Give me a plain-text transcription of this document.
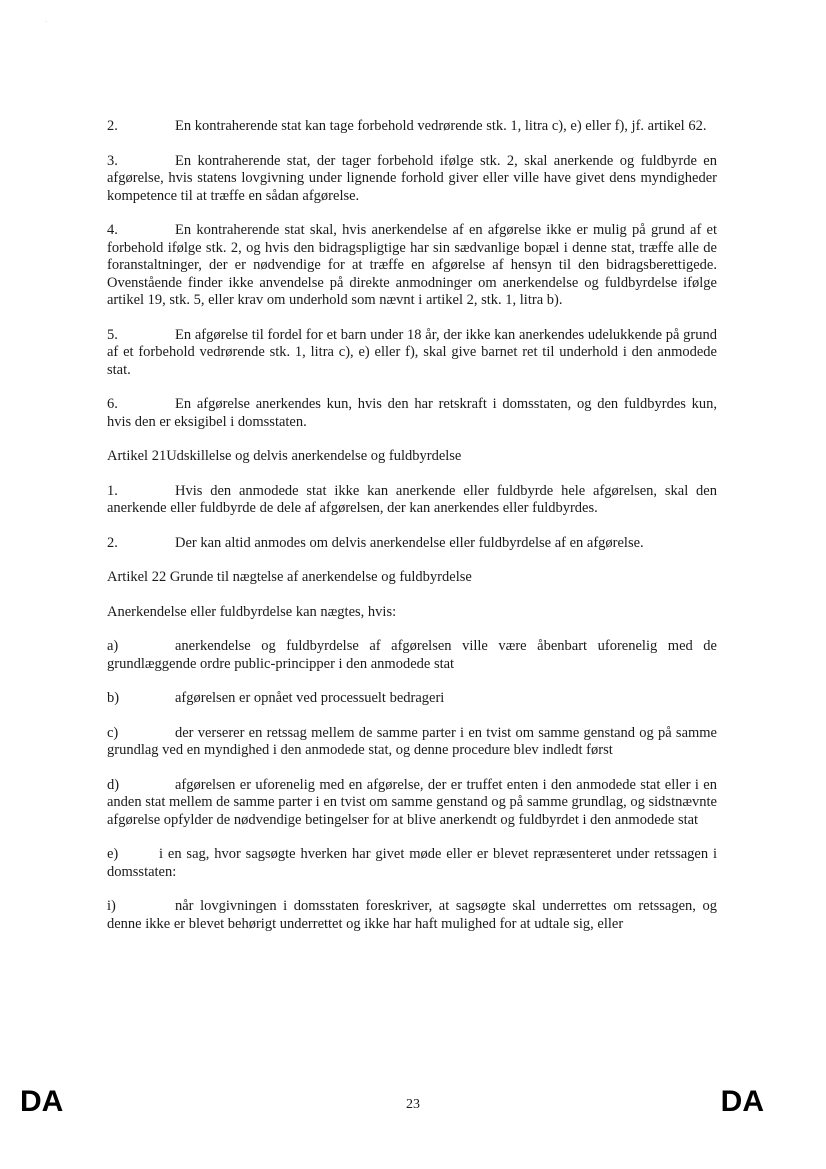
·

2.	En kontraherende stat kan tage forbehold vedrørende stk. 1, litra c), e) eller f), jf. artikel 62.

3.	En kontraherende stat, der tager forbehold ifølge stk. 2, skal anerkende og fuldbyrde en afgørelse, hvis statens lovgivning under lignende forhold giver eller ville have givet dens myndigheder kompetence til at træffe en sådan afgørelse.

4.	En kontraherende stat skal, hvis anerkendelse af en afgørelse ikke er mulig på grund af et forbehold ifølge stk. 2, og hvis den bidragspligtige har sin sædvanlige bopæl i denne stat, træffe alle de foranstaltninger, der er nødvendige for at træffe en afgørelse af hensyn til den bidragsberettigede. Ovenstående finder ikke anvendelse på direkte anmodninger om anerkendelse og fuldbyrdelse ifølge artikel 19, stk. 5, eller krav om underhold som nævnt i artikel 2, stk. 1, litra b).

5.	En afgørelse til fordel for et barn under 18 år, der ikke kan anerkendes udelukkende på grund af et forbehold vedrørende stk. 1, litra c), e) eller f), skal give barnet ret til underhold i den anmodede stat.

6.	En afgørelse anerkendes kun, hvis den har retskraft i domsstaten, og den fuldbyrdes kun, hvis den er eksigibel i domsstaten.

Artikel 21Udskillelse og delvis anerkendelse og fuldbyrdelse

1.	Hvis den anmodede stat ikke kan anerkende eller fuldbyrde hele afgørelsen, skal den anerkende eller fuldbyrde de dele af afgørelsen, der kan anerkendes eller fuldbyrdes.

2.	Der kan altid anmodes om delvis anerkendelse eller fuldbyrdelse af en afgørelse.

Artikel 22 Grunde til nægtelse af anerkendelse og fuldbyrdelse

Anerkendelse eller fuldbyrdelse kan nægtes, hvis:

a)	anerkendelse og fuldbyrdelse af afgørelsen ville være åbenbart uforenelig med de grundlæggende ordre public-principper i den anmodede stat

b)	afgørelsen er opnået ved processuelt bedrageri

c)	der verserer en retssag mellem de samme parter i en tvist om samme genstand og på samme grundlag ved en myndighed i den anmodede stat, og denne procedure blev indledt først

d)	afgørelsen er uforenelig med en afgørelse, der er truffet enten i den anmodede stat eller i en anden stat mellem de samme parter i en tvist om samme genstand og på samme grundlag, og sidstnævnte afgørelse opfylder de nødvendige betingelser for at blive anerkendt og fuldbyrdet i den anmodede stat

e)	i en sag, hvor sagsøgte hverken har givet møde eller er blevet repræsenteret under retssagen i domsstaten:

i)	når lovgivningen i domsstaten foreskriver, at sagsøgte skal underrettes om retssagen, og denne ikke er blevet behørigt underrettet og ikke har haft mulighed for at udtale sig, eller

DA	23	DA
